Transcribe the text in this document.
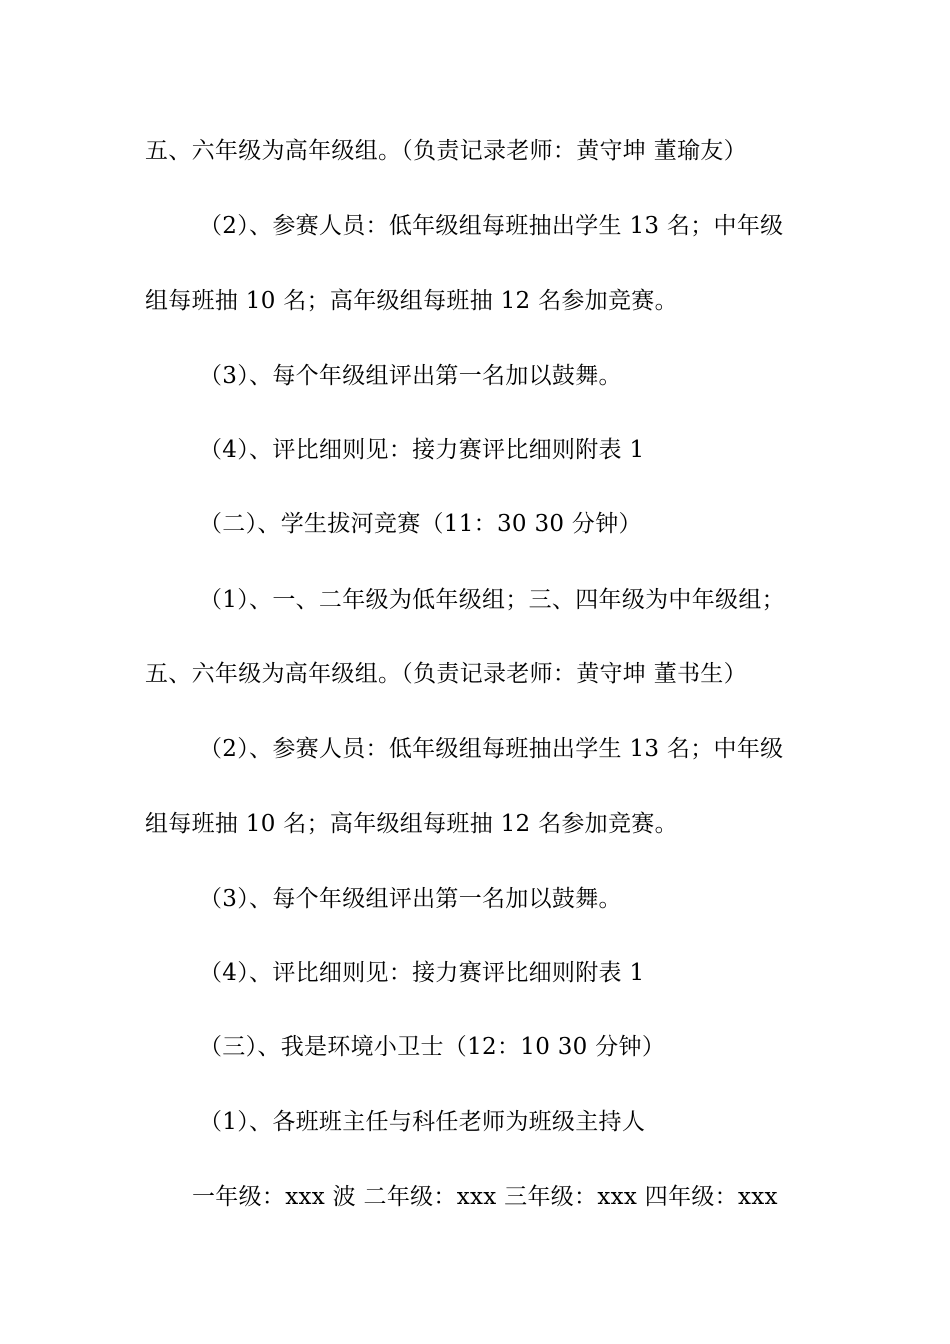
五、六年级为高年级组。（负责记录老师：黄守坤 董瑜友）
（2）、参赛人员：低年级组每班抽出学生 13 名；中年级
组每班抽 10 名；高年级组每班抽 12 名参加竞赛。
（3）、每个年级组评出第一名加以鼓舞。
（4）、评比细则见：接力赛评比细则附表 1
（二）、学生拔河竞赛（11：30 30 分钟）
（1）、一、二年级为低年级组；三、四年级为中年级组；
五、六年级为高年级组。（负责记录老师：黄守坤 董书生）
（2）、参赛人员：低年级组每班抽出学生 13 名；中年级
组每班抽 10 名；高年级组每班抽 12 名参加竞赛。
（3）、每个年级组评出第一名加以鼓舞。
（4）、评比细则见：接力赛评比细则附表 1
（三）、我是环境小卫士（12：10 30 分钟）
（1）、各班班主任与科任老师为班级主持人
一年级：xxx 波 二年级：xxx 三年级：xxx 四年级：xxx
